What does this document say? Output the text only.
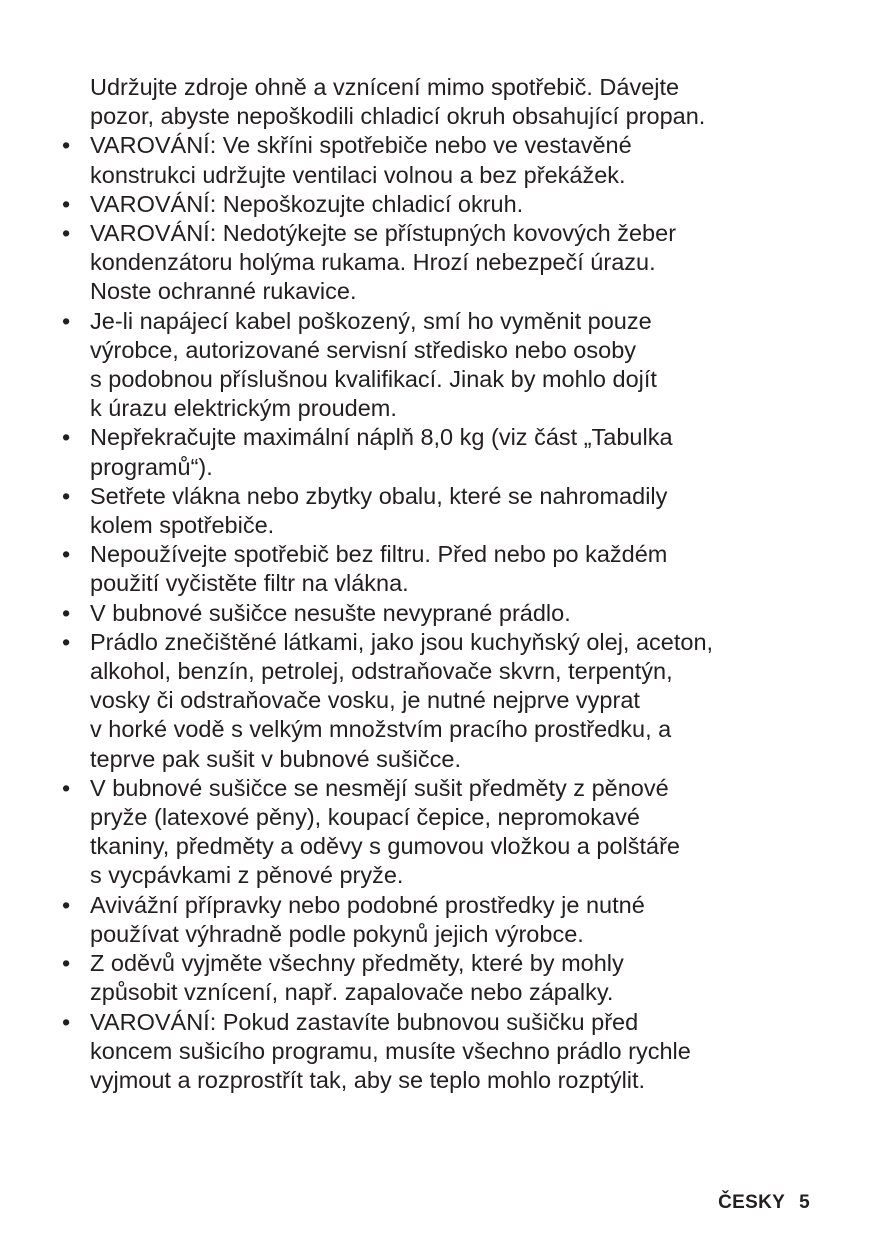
Udržujte zdroje ohně a vznícení mimo spotřebič. Dávejte
pozor, abyste nepoškodili chladicí okruh obsahující propan.

• VAROVÁNÍ: Ve skříni spotřebiče nebo ve vestavěné
konstrukci udržujte ventilaci volnou a bez překážek.
• VAROVÁNÍ: Nepoškozujte chladicí okruh.
• VAROVÁNÍ: Nedotýkejte se přístupných kovových žeber
kondenzátoru holýma rukama. Hrozí nebezpečí úrazu.
Noste ochranné rukavice.
• Je-li napájecí kabel poškozený, smí ho vyměnit pouze
výrobce, autorizované servisní středisko nebo osoby
s podobnou příslušnou kvalifikací. Jinak by mohlo dojít
k úrazu elektrickým proudem.
• Nepřekračujte maximální náplň 8,0 kg (viz část „Tabulka
programů“).
• Setřete vlákna nebo zbytky obalu, které se nahromadily
kolem spotřebiče.
• Nepoužívejte spotřebič bez filtru. Před nebo po každém
použití vyčistěte filtr na vlákna.
• V bubnové sušičce nesušte nevyprané prádlo.
• Prádlo znečištěné látkami, jako jsou kuchyňský olej, aceton,
alkohol, benzín, petrolej, odstraňovače skvrn, terpentýn,
vosky či odstraňovače vosku, je nutné nejprve vyprat
v horké vodě s velkým množstvím pracího prostředku, a
teprve pak sušit v bubnové sušičce.
• V bubnové sušičce se nesmějí sušit předměty z pěnové
pryže (latexové pěny), koupací čepice, nepromokavé
tkaniny, předměty a oděvy s gumovou vložkou a polštáře
s vycpávkami z pěnové pryže.
• Avivážní přípravky nebo podobné prostředky je nutné
používat výhradně podle pokynů jejich výrobce.
• Z oděvů vyjměte všechny předměty, které by mohly
způsobit vznícení, např. zapalovače nebo zápalky.
• VAROVÁNÍ: Pokud zastavíte bubnovou sušičku před
koncem sušicího programu, musíte všechno prádlo rychle
vyjmout a rozprostřít tak, aby se teplo mohlo rozptýlit.
ČESKY 5
